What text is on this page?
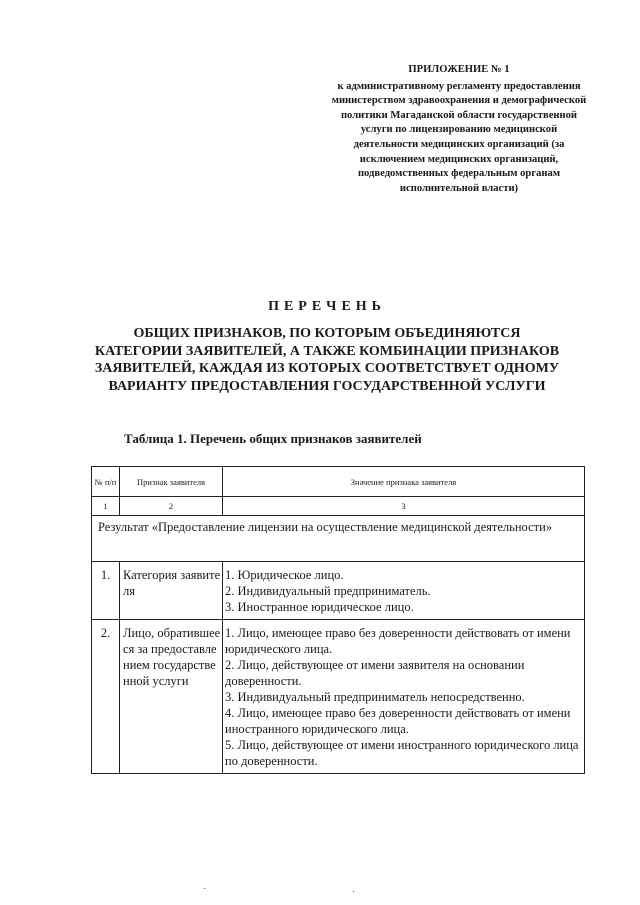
ПРИЛОЖЕНИЕ № 1
к административному регламенту предоставления министерством здравоохранения и демографической политики Магаданской области государственной услуги по лицензированию медицинской деятельности медицинских организаций (за исключением медицинских организаций, подведомственных федеральным органам исполнительной власти)
ПЕРЕЧЕНЬ
ОБЩИХ ПРИЗНАКОВ, ПО КОТОРЫМ ОБЪЕДИНЯЮТСЯ КАТЕГОРИИ ЗАЯВИТЕЛЕЙ, А ТАКЖЕ КОМБИНАЦИИ ПРИЗНАКОВ ЗАЯВИТЕЛЕЙ, КАЖДАЯ ИЗ КОТОРЫХ СООТВЕТСТВУЕТ ОДНОМУ ВАРИАНТУ ПРЕДОСТАВЛЕНИЯ ГОСУДАРСТВЕННОЙ УСЛУГИ
Таблица 1. Перечень общих признаков заявителей
№ п/п	Признак заявителя	Значение признака заявителя
1	2	3
Результат «Предоставление лицензии на осуществление медицинской деятельности»		
1.	Категория заявителя	1. Юридическое лицо.
2. Индивидуальный предприниматель.
3. Иностранное юридическое лицо.

2.	Лицо, обратившееся за предоставлением государственной услуги	1. Лицо, имеющее право без доверенности действовать от имени юридического лица.
2. Лицо, действующее от имени заявителя на основании доверенности.
3. Индивидуальный предприниматель непосредственно.
4. Лицо, имеющее право без доверенности действовать от имени иностранного юридического лица.
5. Лицо, действующее от имени иностранного юридического лица по доверенности.
·	·
